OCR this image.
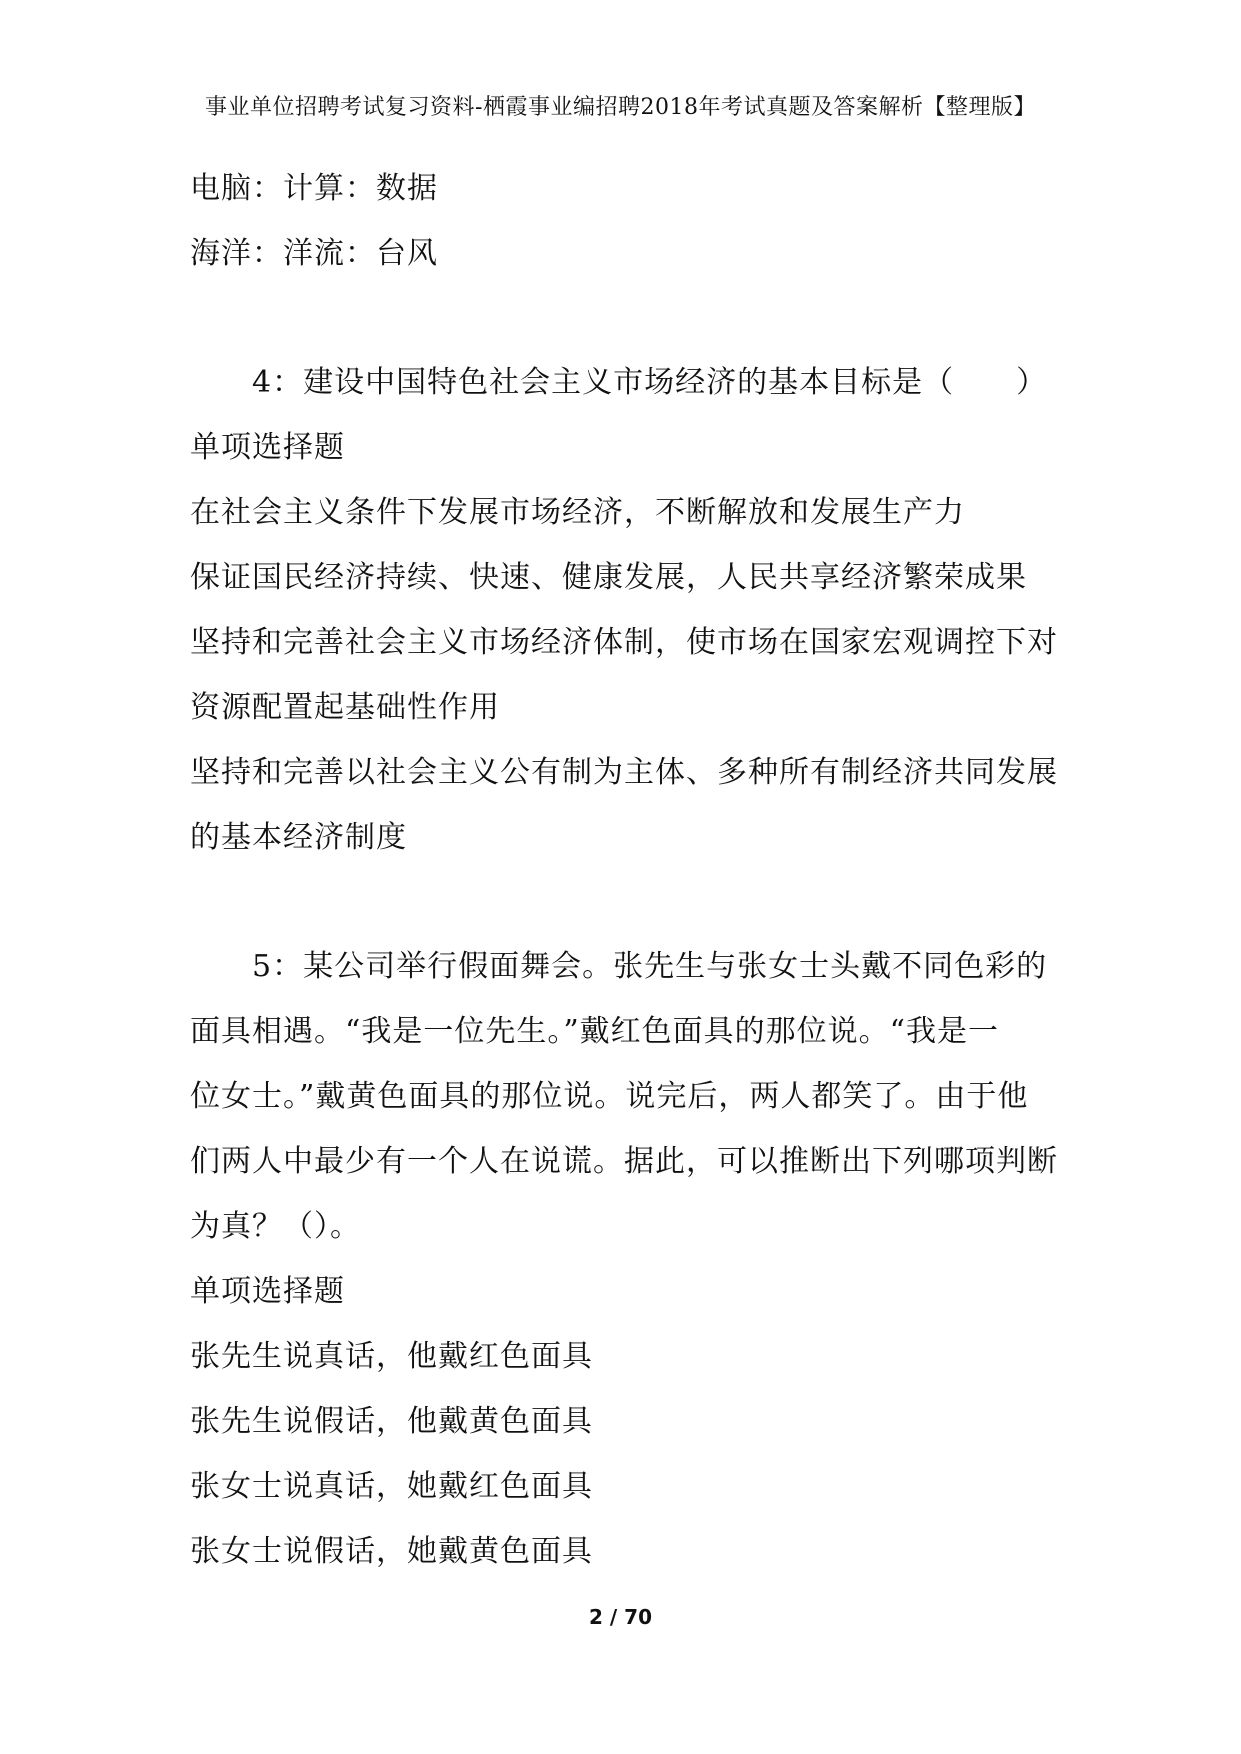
事业单位招聘考试复习资料-栖霞事业编招聘2018年考试真题及答案解析【整理版】
电脑：计算：数据
海洋：洋流：台风
4：建设中国特色社会主义市场经济的基本目标是（　　）
单项选择题
在社会主义条件下发展市场经济，不断解放和发展生产力
保证国民经济持续、快速、健康发展，人民共享经济繁荣成果
坚持和完善社会主义市场经济体制，使市场在国家宏观调控下对
资源配置起基础性作用
坚持和完善以社会主义公有制为主体、多种所有制经济共同发展
的基本经济制度
5：某公司举行假面舞会。张先生与张女士头戴不同色彩的
面具相遇。“我是一位先生。”戴红色面具的那位说。“我是一
位女士。”戴黄色面具的那位说。说完后，两人都笑了。由于他
们两人中最少有一个人在说谎。据此，可以推断出下列哪项判断
为真？（）。
单项选择题
张先生说真话，他戴红色面具
张先生说假话，他戴黄色面具
张女士说真话，她戴红色面具
张女士说假话，她戴黄色面具
2 / 70
